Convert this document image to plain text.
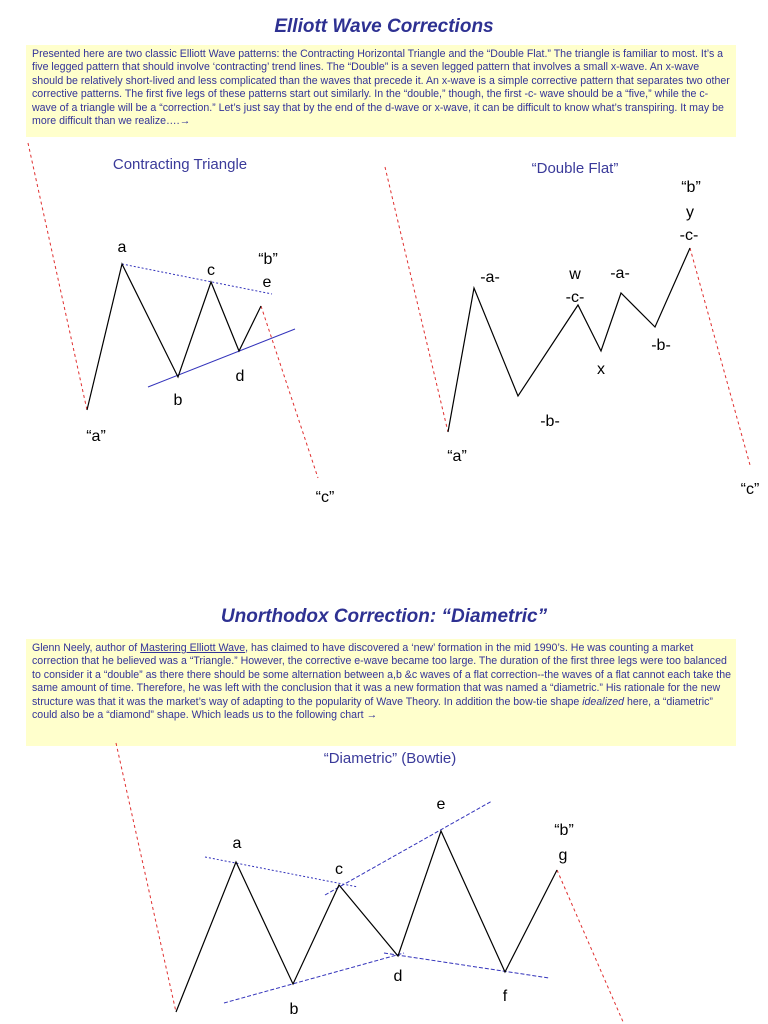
Elliott Wave Corrections
Presented here are two classic Elliott Wave patterns: the Contracting Horizontal Triangle and the “Double Flat.” The triangle is familiar to most. It’s a five legged pattern that should involve ‘contracting’ trend lines. The “Double” is a seven legged pattern that involves a small x-wave. An x-wave should be relatively short-lived and less complicated than the waves that precede it. An x-wave is a simple corrective pattern that separates two other corrective patterns. The first five legs of these patterns start out similarly. In the “double,” though, the first -c- wave should be a “five,” while the c-wave of a triangle will be a “correction.” Let’s just say that by the end of the d-wave or x-wave, it can be difficult to know what’s transpiring. It may be more difficult than we realize….→
Unorthodox Correction: “Diametric”
Glenn Neely, author of Mastering Elliott Wave, has claimed to have discovered a ‘new’ formation in the mid 1990’s. He was counting a market correction that he believed was a “Triangle.” However, the corrective e-wave became too large. The duration of the first three legs were too balanced to consider it a “double” as there there should be some alternation between a,b &c waves of a flat correction--the waves of a flat cannot each take the same amount of time. Therefore, he was left with the conclusion that it was a new formation that was named a “diametric.” His rationale for the new structure was that it was the market’s way of adapting to the popularity of Wave Theory. In addition the bow-tie shape idealized here, a “diametric” could also be a “diamond” shape. Which leads us to the following chart →
Contracting Triangle
“a”
a
b
c
d
e
“b”
“c”
“Double Flat”
“a”
-a-
-b-
w
-c-
x
-a-
-b-
“b”
y
-c-
“c”
“Diametric” (Bowtie)
a
b
c
d
e
f
g
“b”
